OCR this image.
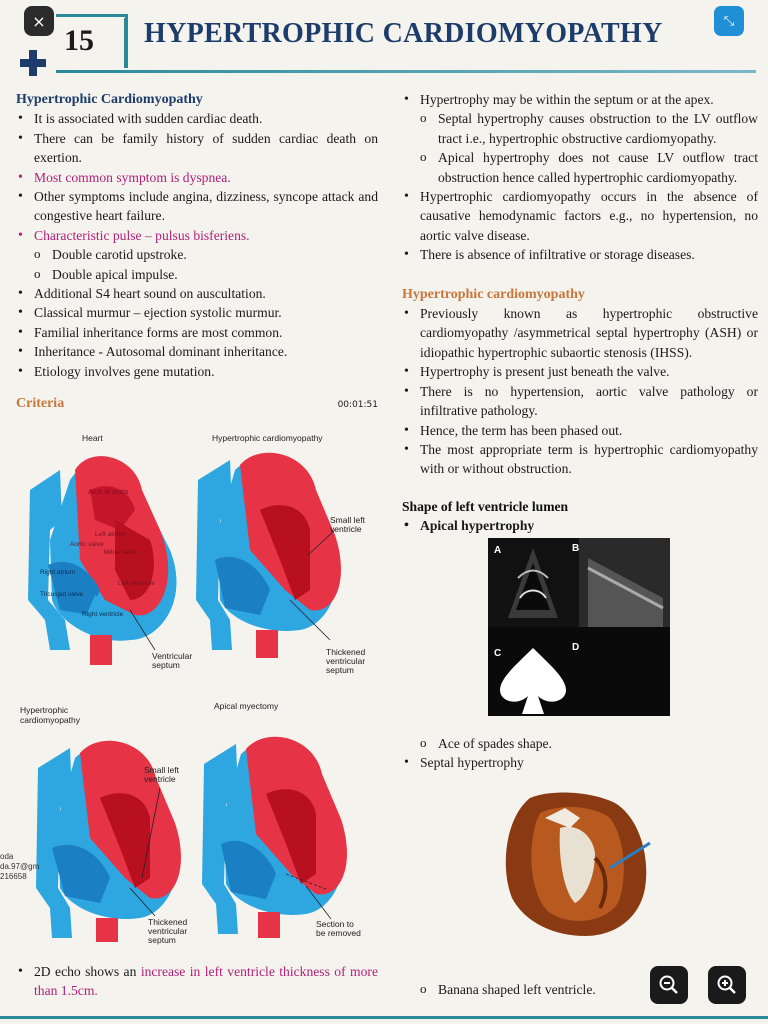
×	⤡
15 HYPERTROPHIC CARDIOMYOPATHY
Hypertrophic Cardiomyopathy
• It is associated with sudden cardiac death.
• There can be family history of sudden cardiac death on exertion.
• Most common symptom is dyspnea.
• Other symptoms include angina, dizziness, syncope attack and congestive heart failure.
• Characteristic pulse – pulsus bisferiens.
o Double carotid upstroke.
o Double apical impulse.
• Additional S4 heart sound on auscultation.
• Classical murmur – ejection systolic murmur.
• Familial inheritance forms are most common.
• Inheritance - Autosomal dominant inheritance.
• Etiology involves gene mutation.
Criteria	00:01:51
Heart	Hypertrophic cardiomyopathy
Hypertrophic
cardiomyopathy
Apical myectomy
Arch of aorta
Left atrium
Aortic valve
Mitral valve
Left ventricle
Right atrium
Tricuspid valve
Right ventricle
Ventricular
septum
Small left
ventricle
Thickened
ventricular
septum
Small left
ventricle
Thickened
ventricular
septum
Section to
be removed
oda
da.97@gm
216658
• 2D echo shows an increase in left ventricle thickness of more than 1.5cm.
• Hypertrophy may be within the septum or at the apex.
o Septal hypertrophy causes obstruction to the LV outflow tract i.e., hypertrophic obstructive cardiomyopathy.
o Apical hypertrophy does not cause LV outflow tract obstruction hence called hypertrophic cardiomyopathy.
• Hypertrophic cardiomyopathy occurs in the absence of causative hemodynamic factors e.g., no hypertension, no aortic valve disease.
• There is absence of infiltrative or storage diseases.
Hypertrophic cardiomyopathy
• Previously known as hypertrophic obstructive cardiomyopathy /asymmetrical septal hypertrophy (ASH) or idiopathic hypertrophic subaortic stenosis (IHSS).
• Hypertrophy is present just beneath the valve.
• There is no hypertension, aortic valve pathology or infiltrative pathology.
• Hence, the term has been phased out.
• The most appropriate term is hypertrophic cardiomyopathy with or without obstruction.
Shape of left ventricle lumen
• Apical hypertrophy
A	B
C
D
o Ace of spades shape.
• Septal hypertrophy
o Banana shaped left ventricle.
